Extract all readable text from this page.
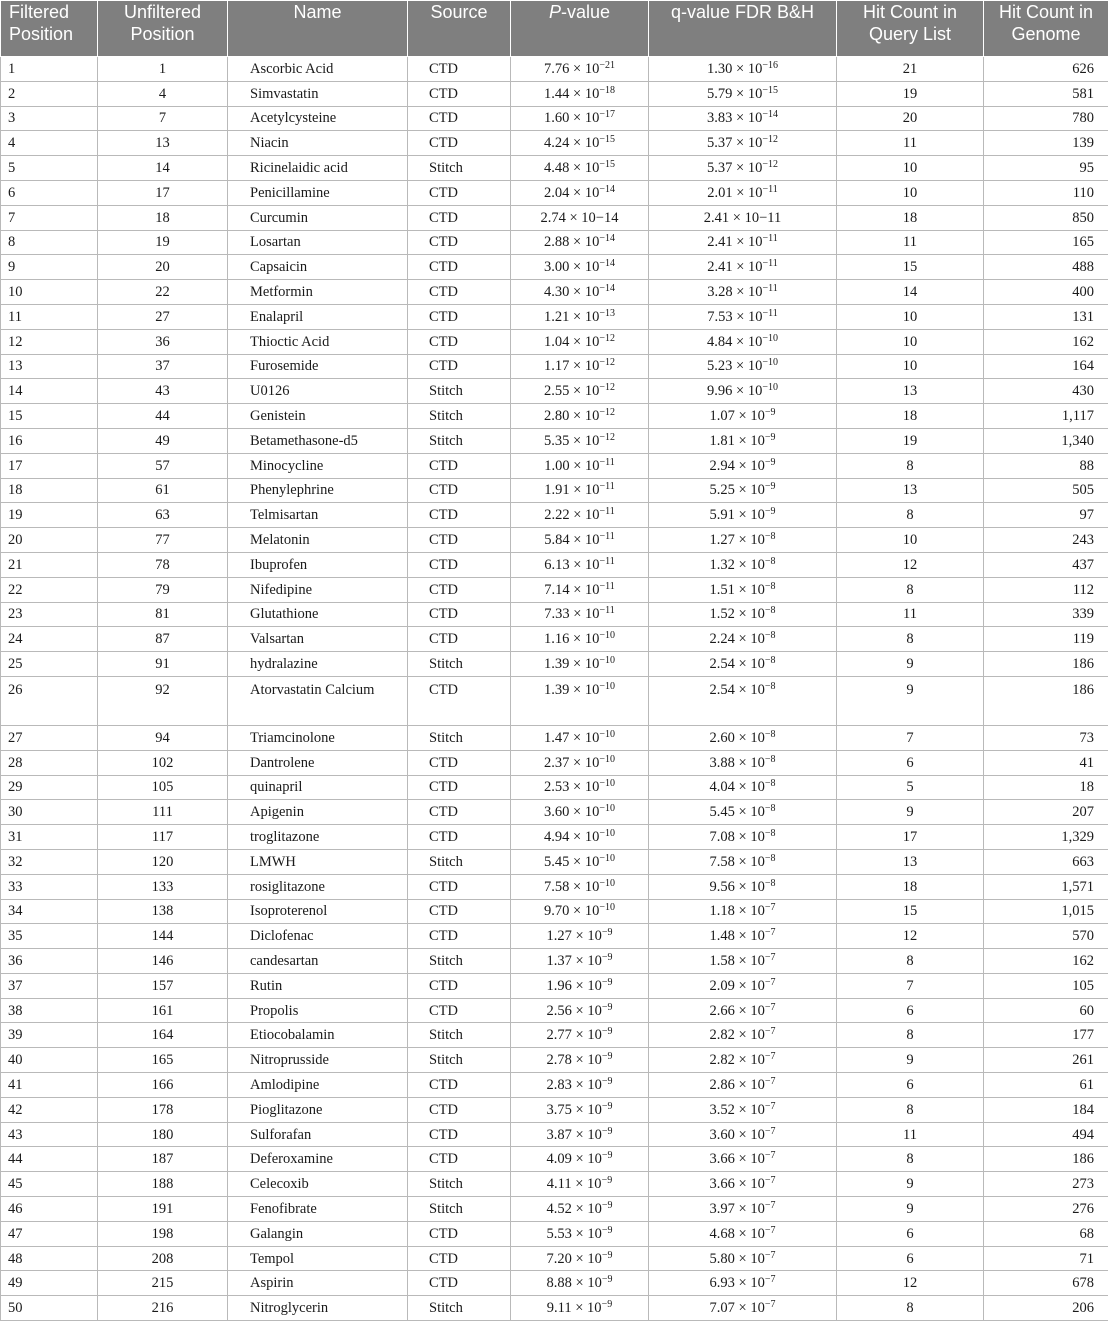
Filtered Position	Unfiltered Position	Name	Source	P-value	q-value FDR B&H	Hit Count in Query List	Hit Count in Genome
1	1	Ascorbic Acid	CTD	$7.76 \times 10^{-21}$	$1.30 \times 10^{-16}$	21	626
2	4	Simvastatin	CTD	$1.44 \times 10^{-18}$	$5.79 \times 10^{-15}$	19	581
3	7	Acetylcysteine	CTD	$1.60 \times 10^{-17}$	$3.83 \times 10^{-14}$	20	780
4	13	Niacin	CTD	$4.24 \times 10^{-15}$	$5.37 \times 10^{-12}$	11	139
5	14	Ricinelaidic acid	Stitch	$4.48 \times 10^{-15}$	$5.37 \times 10^{-12}$	10	95
6	17	Penicillamine	CTD	$2.04 \times 10^{-14}$	$2.01 \times 10^{-11}$	10	110
7	18	Curcumin	CTD	2.74 × 10−14	2.41 × 10−11	18	850
8	19	Losartan	CTD	$2.88 \times 10^{-14}$	$2.41 \times 10^{-11}$	11	165
9	20	Capsaicin	CTD	$3.00 \times 10^{-14}$	$2.41 \times 10^{-11}$	15	488
10	22	Metformin	CTD	$4.30 \times 10^{-14}$	$3.28 \times 10^{-11}$	14	400
11	27	Enalapril	CTD	$1.21 \times 10^{-13}$	$7.53 \times 10^{-11}$	10	131
12	36	Thioctic Acid	CTD	$1.04 \times 10^{-12}$	$4.84 \times 10^{-10}$	10	162
13	37	Furosemide	CTD	$1.17 \times 10^{-12}$	$5.23 \times 10^{-10}$	10	164
14	43	U0126	Stitch	$2.55 \times 10^{-12}$	$9.96 \times 10^{-10}$	13	430
15	44	Genistein	Stitch	$2.80 \times 10^{-12}$	$1.07 \times 10^{-9}$	18	1,117
16	49	Betamethasone-d5	Stitch	$5.35 \times 10^{-12}$	$1.81 \times 10^{-9}$	19	1,340
17	57	Minocycline	CTD	$1.00 \times 10^{-11}$	$2.94 \times 10^{-9}$	8	88
18	61	Phenylephrine	CTD	$1.91 \times 10^{-11}$	$5.25 \times 10^{-9}$	13	505
19	63	Telmisartan	CTD	$2.22 \times 10^{-11}$	$5.91 \times 10^{-9}$	8	97
20	77	Melatonin	CTD	$5.84 \times 10^{-11}$	$1.27 \times 10^{-8}$	10	243
21	78	Ibuprofen	CTD	$6.13 \times 10^{-11}$	$1.32 \times 10^{-8}$	12	437
22	79	Nifedipine	CTD	$7.14 \times 10^{-11}$	$1.51 \times 10^{-8}$	8	112
23	81	Glutathione	CTD	$7.33 \times 10^{-11}$	$1.52 \times 10^{-8}$	11	339
24	87	Valsartan	CTD	$1.16 \times 10^{-10}$	$2.24 \times 10^{-8}$	8	119
25	91	hydralazine	Stitch	$1.39 \times 10^{-10}$	$2.54 \times 10^{-8}$	9	186
26	92	Atorvastatin Calcium	CTD	$1.39 \times 10^{-10}$	$2.54 \times 10^{-8}$	9	186
27	94	Triamcinolone	Stitch	$1.47 \times 10^{-10}$	$2.60 \times 10^{-8}$	7	73
28	102	Dantrolene	CTD	$2.37 \times 10^{-10}$	$3.88 \times 10^{-8}$	6	41
29	105	quinapril	CTD	$2.53 \times 10^{-10}$	$4.04 \times 10^{-8}$	5	18
30	111	Apigenin	CTD	$3.60 \times 10^{-10}$	$5.45 \times 10^{-8}$	9	207
31	117	troglitazone	CTD	$4.94 \times 10^{-10}$	$7.08 \times 10^{-8}$	17	1,329
32	120	LMWH	Stitch	$5.45 \times 10^{-10}$	$7.58 \times 10^{-8}$	13	663
33	133	rosiglitazone	CTD	$7.58 \times 10^{-10}$	$9.56 \times 10^{-8}$	18	1,571
34	138	Isoproterenol	CTD	$9.70 \times 10^{-10}$	$1.18 \times 10^{-7}$	15	1,015
35	144	Diclofenac	CTD	$1.27 \times 10^{-9}$	$1.48 \times 10^{-7}$	12	570
36	146	candesartan	Stitch	$1.37 \times 10^{-9}$	$1.58 \times 10^{-7}$	8	162
37	157	Rutin	CTD	$1.96 \times 10^{-9}$	$2.09 \times 10^{-7}$	7	105
38	161	Propolis	CTD	$2.56 \times 10^{-9}$	$2.66 \times 10^{-7}$	6	60
39	164	Etiocobalamin	Stitch	$2.77 \times 10^{-9}$	$2.82 \times 10^{-7}$	8	177
40	165	Nitroprusside	Stitch	$2.78 \times 10^{-9}$	$2.82 \times 10^{-7}$	9	261
41	166	Amlodipine	CTD	$2.83 \times 10^{-9}$	$2.86 \times 10^{-7}$	6	61
42	178	Pioglitazone	CTD	$3.75 \times 10^{-9}$	$3.52 \times 10^{-7}$	8	184
43	180	Sulforafan	CTD	$3.87 \times 10^{-9}$	$3.60 \times 10^{-7}$	11	494
44	187	Deferoxamine	CTD	$4.09 \times 10^{-9}$	$3.66 \times 10^{-7}$	8	186
45	188	Celecoxib	Stitch	$4.11 \times 10^{-9}$	$3.66 \times 10^{-7}$	9	273
46	191	Fenofibrate	Stitch	$4.52 \times 10^{-9}$	$3.97 \times 10^{-7}$	9	276
47	198	Galangin	CTD	$5.53 \times 10^{-9}$	$4.68 \times 10^{-7}$	6	68
48	208	Tempol	CTD	$7.20 \times 10^{-9}$	$5.80 \times 10^{-7}$	6	71
49	215	Aspirin	CTD	$8.88 \times 10^{-9}$	$6.93 \times 10^{-7}$	12	678
50	216	Nitroglycerin	Stitch	$9.11 \times 10^{-9}$	$7.07 \times 10^{-7}$	8	206
